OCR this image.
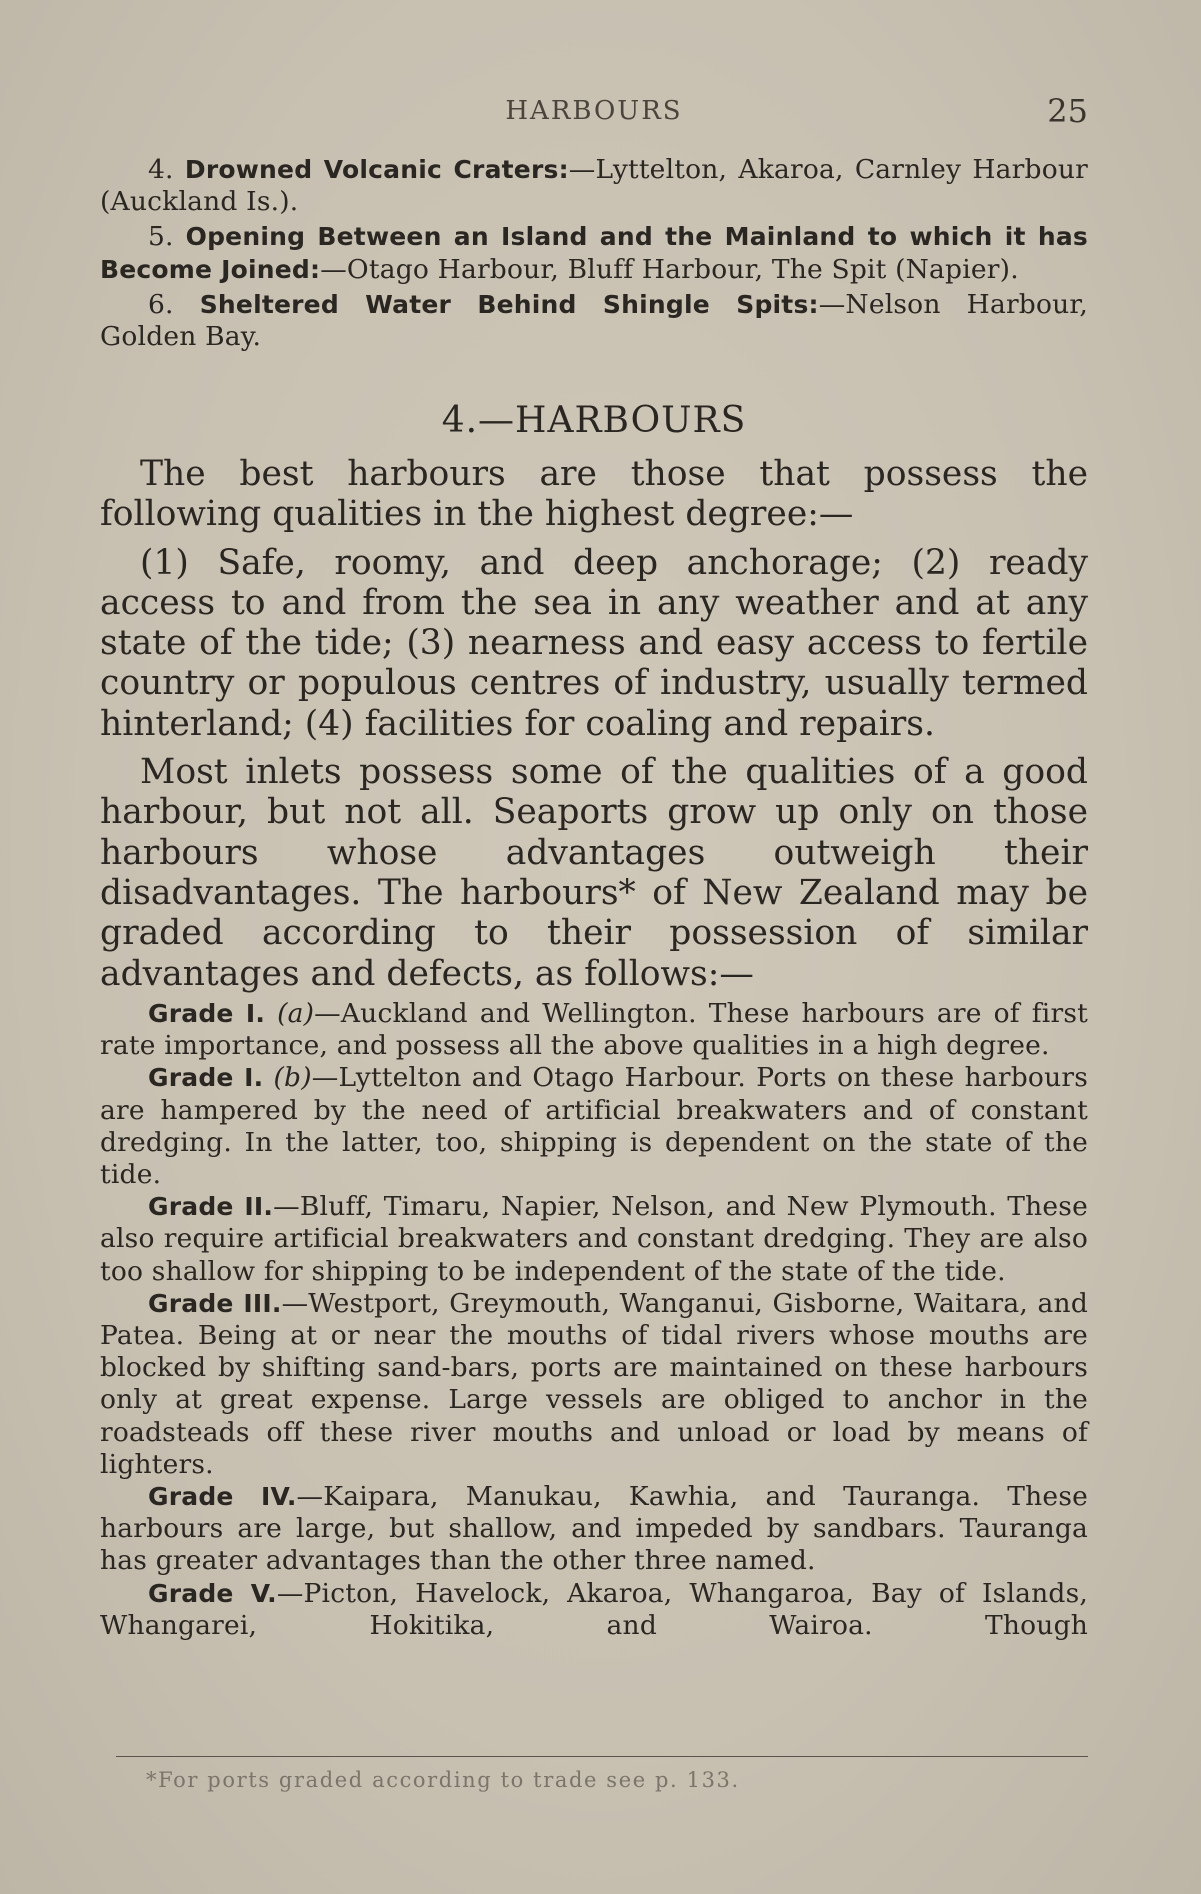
HARBOURS	25

4. Drowned Volcanic Craters:—Lyttelton, Akaroa, Carnley Harbour (Auckland Is.).

5. Opening Between an Island and the Mainland to which it has Become Joined:—Otago Harbour, Bluff Harbour, The Spit (Napier).

6. Sheltered Water Behind Shingle Spits:—Nelson Harbour, Golden Bay.

4.—HARBOURS

The best harbours are those that possess the following qualities in the highest degree:—

(1) Safe, roomy, and deep anchorage; (2) ready access to and from the sea in any weather and at any state of the tide; (3) nearness and easy access to fertile country or populous centres of industry, usually termed hinterland; (4) facilities for coaling and repairs.

Most inlets possess some of the qualities of a good harbour, but not all. Seaports grow up only on those harbours whose advantages outweigh their disadvantages. The harbours* of New Zealand may be graded according to their possession of similar advantages and defects, as follows:—

Grade I. (a)—Auckland and Wellington. These harbours are of first rate importance, and possess all the above qualities in a high degree.

Grade I. (b)—Lyttelton and Otago Harbour. Ports on these harbours are hampered by the need of artificial breakwaters and of constant dredging. In the latter, too, shipping is dependent on the state of the tide.

Grade II.—Bluff, Timaru, Napier, Nelson, and New Plymouth. These also require artificial breakwaters and constant dredging. They are also too shallow for shipping to be independent of the state of the tide.

Grade III.—Westport, Greymouth, Wanganui, Gisborne, Waitara, and Patea. Being at or near the mouths of tidal rivers whose mouths are blocked by shifting sand-bars, ports are maintained on these harbours only at great expense. Large vessels are obliged to anchor in the roadsteads off these river mouths and unload or load by means of lighters.

Grade IV.—Kaipara, Manukau, Kawhia, and Tauranga. These harbours are large, but shallow, and impeded by sandbars. Tauranga has greater advantages than the other three named.

Grade V.—Picton, Havelock, Akaroa, Whangaroa, Bay of Islands, Whangarei, Hokitika, and Wairoa. Though

*For ports graded according to trade see p. 133.
